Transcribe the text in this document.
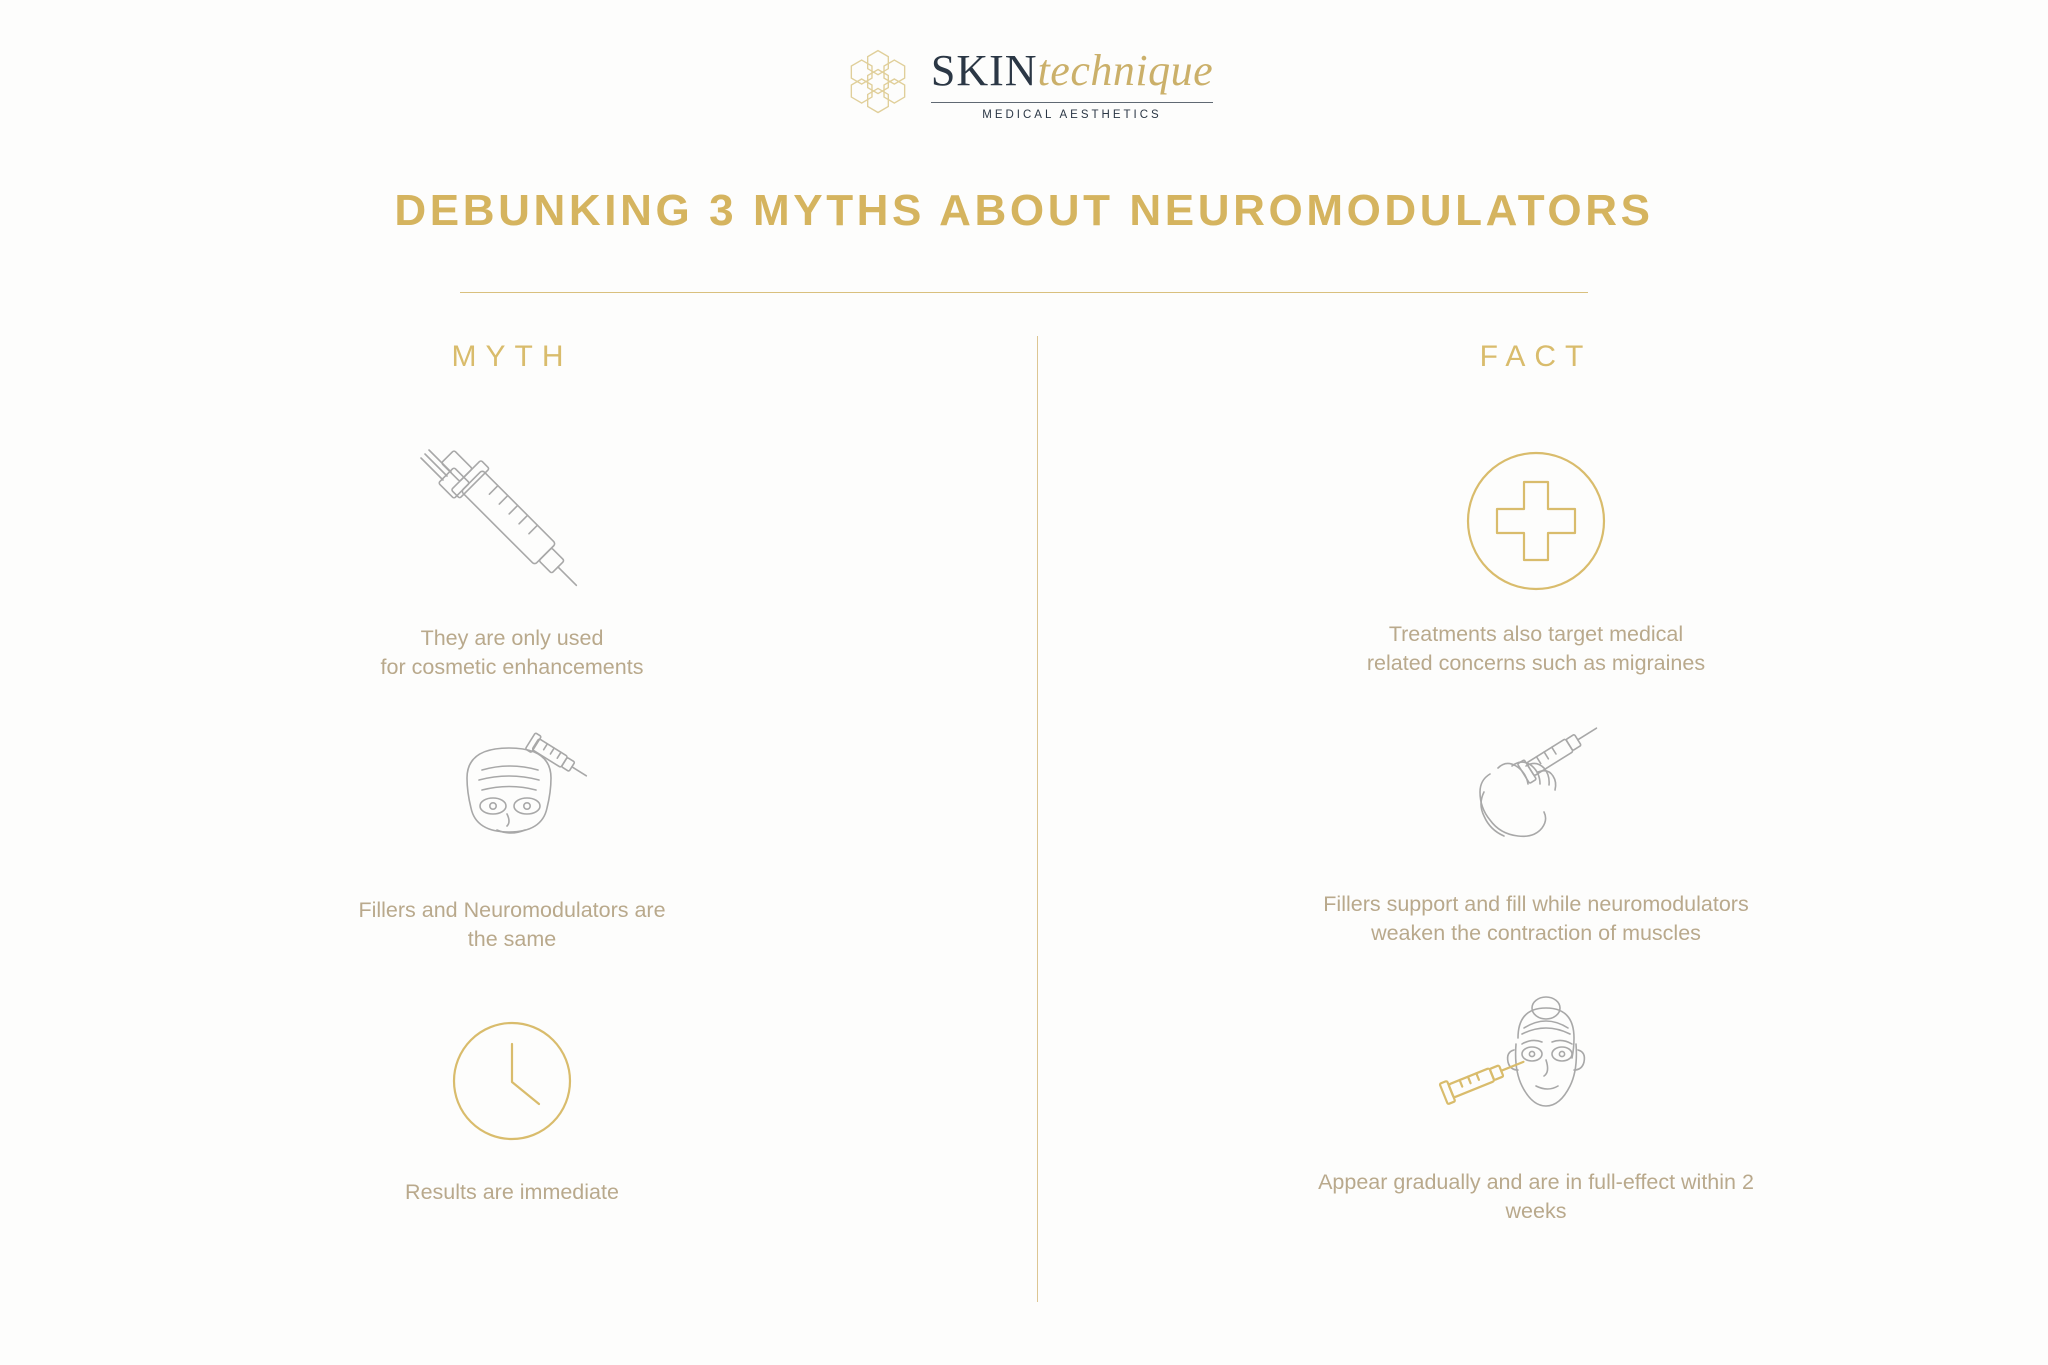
SKINtechnique
MEDICAL AESTHETICS
DEBUNKING 3 MYTHS ABOUT NEUROMODULATORS
MYTH
They are only used
for cosmetic enhancements
Fillers and Neuromodulators are
the same
Results are immediate
FACT
Treatments also target medical
related concerns such as migraines
Fillers support and fill while neuromodulators
weaken the contraction of muscles
Appear gradually and are in full-effect within 2
weeks
